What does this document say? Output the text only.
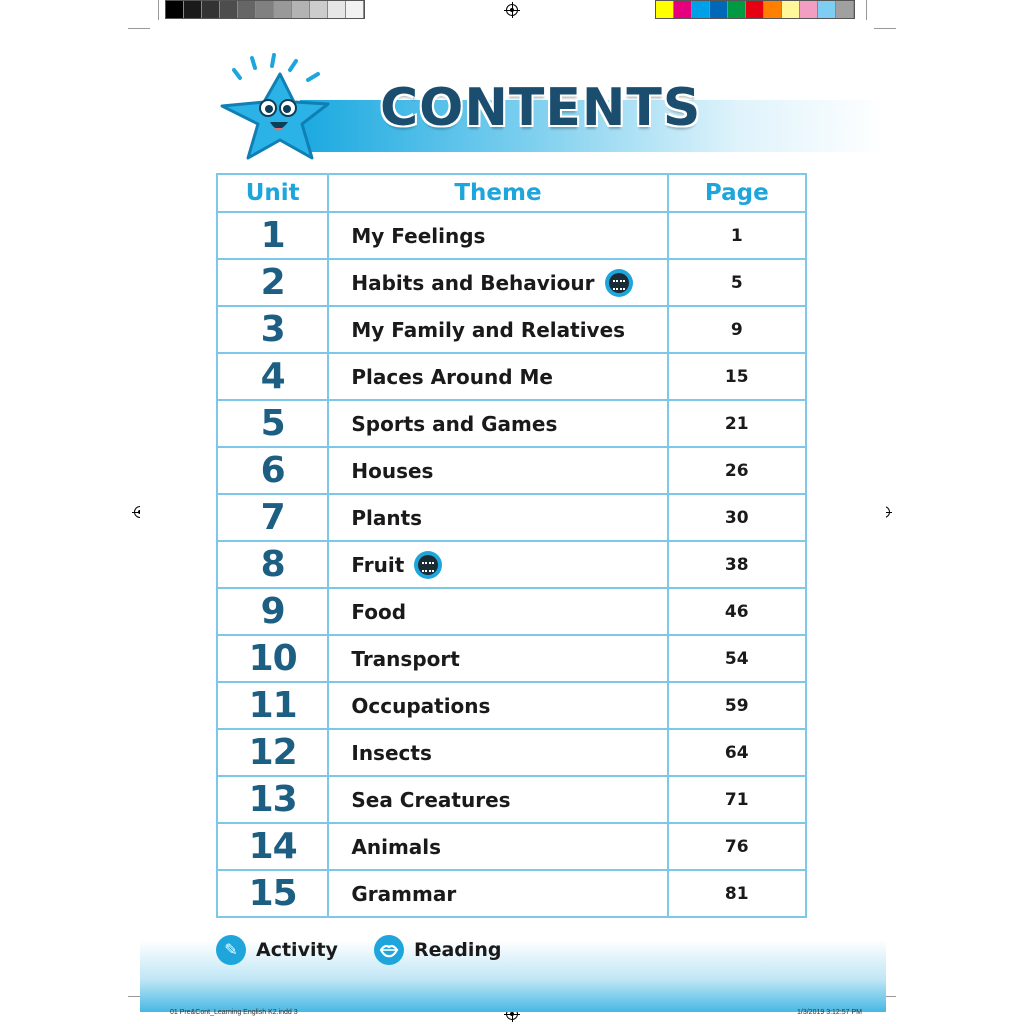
CONTENTS
Unit	Theme	Page
1	My Feelings	1
2	Habits and Behaviour	5
3	My Family and Relatives	9
4	Places Around Me	15
5	Sports and Games	21
6	Houses	26
7	Plants	30
8	Fruit	38
9	Food	46
10	Transport	54
11	Occupations	59
12	Insects	64
13	Sea Creatures	71
14	Animals	76
15	Grammar	81
✎ Activity	Reading
01 Pre&Cont_Learning English K2.indd 3	1/3/2019 3:12:57 PM
